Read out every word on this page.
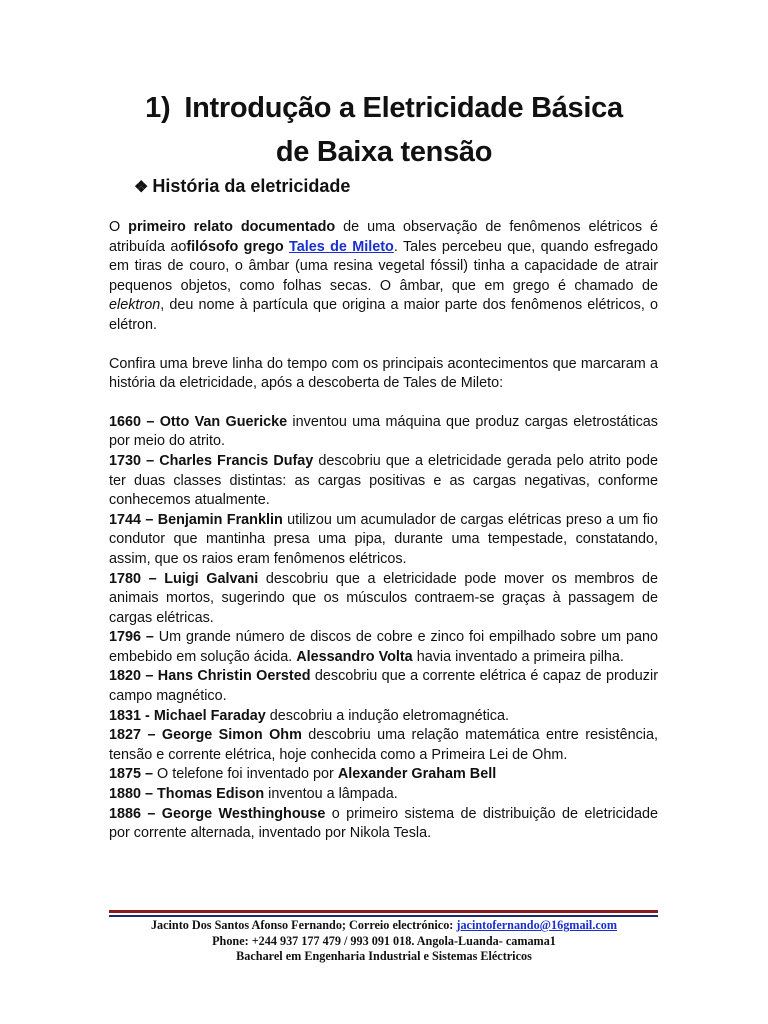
1) Introdução a Eletricidade Básica
de Baixa tensão
❖ História da eletricidade

O primeiro relato documentado de uma observação de fenômenos elétricos é atribuída aofilósofo grego Tales de Mileto. Tales percebeu que, quando esfregado em tiras de couro, o âmbar (uma resina vegetal fóssil) tinha a capacidade de atrair pequenos objetos, como folhas secas. O âmbar, que em grego é chamado de elektron, deu nome à partícula que origina a maior parte dos fenômenos elétricos, o elétron.

Confira uma breve linha do tempo com os principais acontecimentos que marcaram a história da eletricidade, após a descoberta de Tales de Mileto:

1660 – Otto Van Guericke inventou uma máquina que produz cargas eletrostáticas por meio do atrito.

1730 – Charles Francis Dufay descobriu que a eletricidade gerada pelo atrito pode ter duas classes distintas: as cargas positivas e as cargas negativas, conforme conhecemos atualmente.

1744 – Benjamin Franklin utilizou um acumulador de cargas elétricas preso a um fio condutor que mantinha presa uma pipa, durante uma tempestade, constatando, assim, que os raios eram fenômenos elétricos.

1780 – Luigi Galvani descobriu que a eletricidade pode mover os membros de animais mortos, sugerindo que os músculos contraem-se graças à passagem de cargas elétricas.

1796 – Um grande número de discos de cobre e zinco foi empilhado sobre um pano embebido em solução ácida. Alessandro Volta havia inventado a primeira pilha.

1820 – Hans Christin Oersted descobriu que a corrente elétrica é capaz de produzir campo magnético.

1831 - Michael Faraday descobriu a indução eletromagnética.

1827 – George Simon Ohm descobriu uma relação matemática entre resistência, tensão e corrente elétrica, hoje conhecida como a Primeira Lei de Ohm.

1875 – O telefone foi inventado por Alexander Graham Bell

1880 – Thomas Edison inventou a lâmpada.

1886 – George Westhinghouse o primeiro sistema de distribuição de eletricidade por corrente alternada, inventado por Nikola Tesla.

Jacinto Dos Santos Afonso Fernando; Correio electrónico: jacintofernando@16gmail.com
Phone: +244 937 177 479 / 993 091 018. Angola-Luanda- camama1
Bacharel em Engenharia Industrial e Sistemas Eléctricos
